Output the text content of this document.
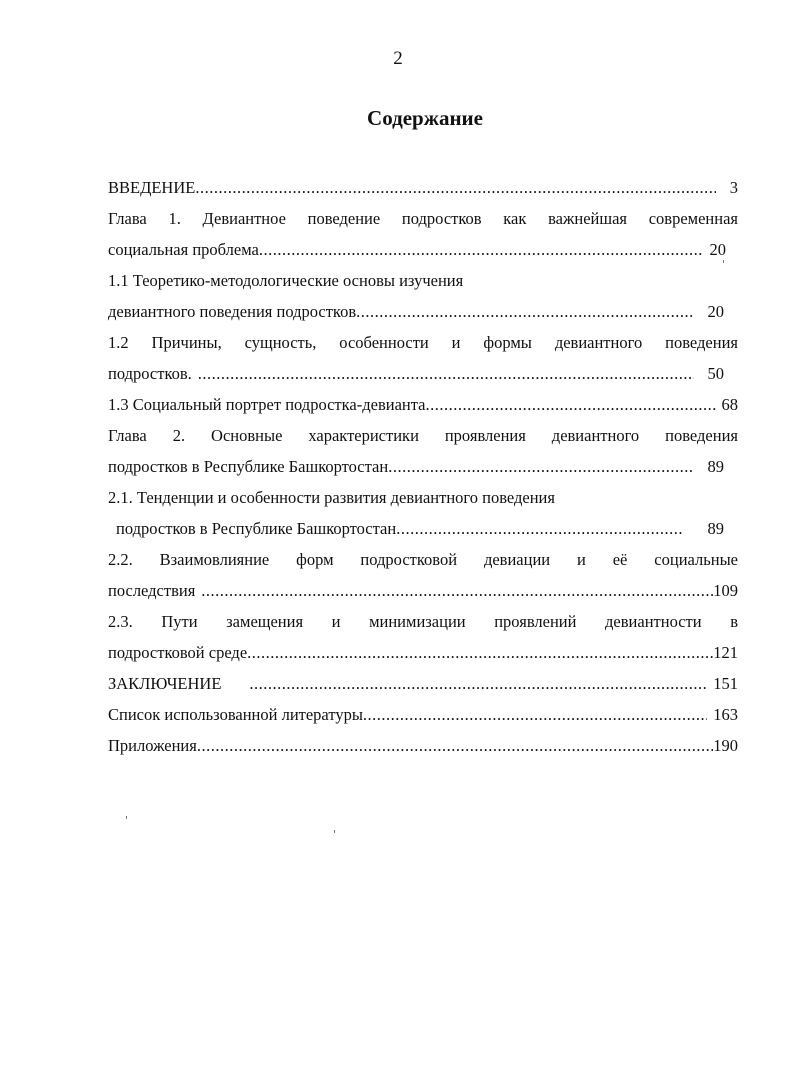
2
Содержание
ВВЕДЕНИЕ .....	3
Глава 1. Девиантное поведение подростков как важнейшая современная
социальная проблема .....	20
1.1 Теоретико-методологические основы изучения
девиантного поведения подростков .....	20
1.2 Причины, сущность, особенности и формы девиантного поведения
подростков. .....	50
1.3 Социальный портрет подростка-девианта .....	68
Глава 2. Основные характеристики проявления девиантного поведения
подростков в Республике Башкортостан .....	89
2.1. Тенденции и особенности развития девиантного поведения
подростков в Республике Башкортостан .....	89
2.2. Взаимовлияние форм подростковой девиации и её социальные
последствия .....	109
2.3. Пути замещения и минимизации проявлений девиантности в
подростковой среде .....	121
ЗАКЛЮЧЕНИЕ .....	151
Список использованной литературы .....	163
Приложения .....	190
